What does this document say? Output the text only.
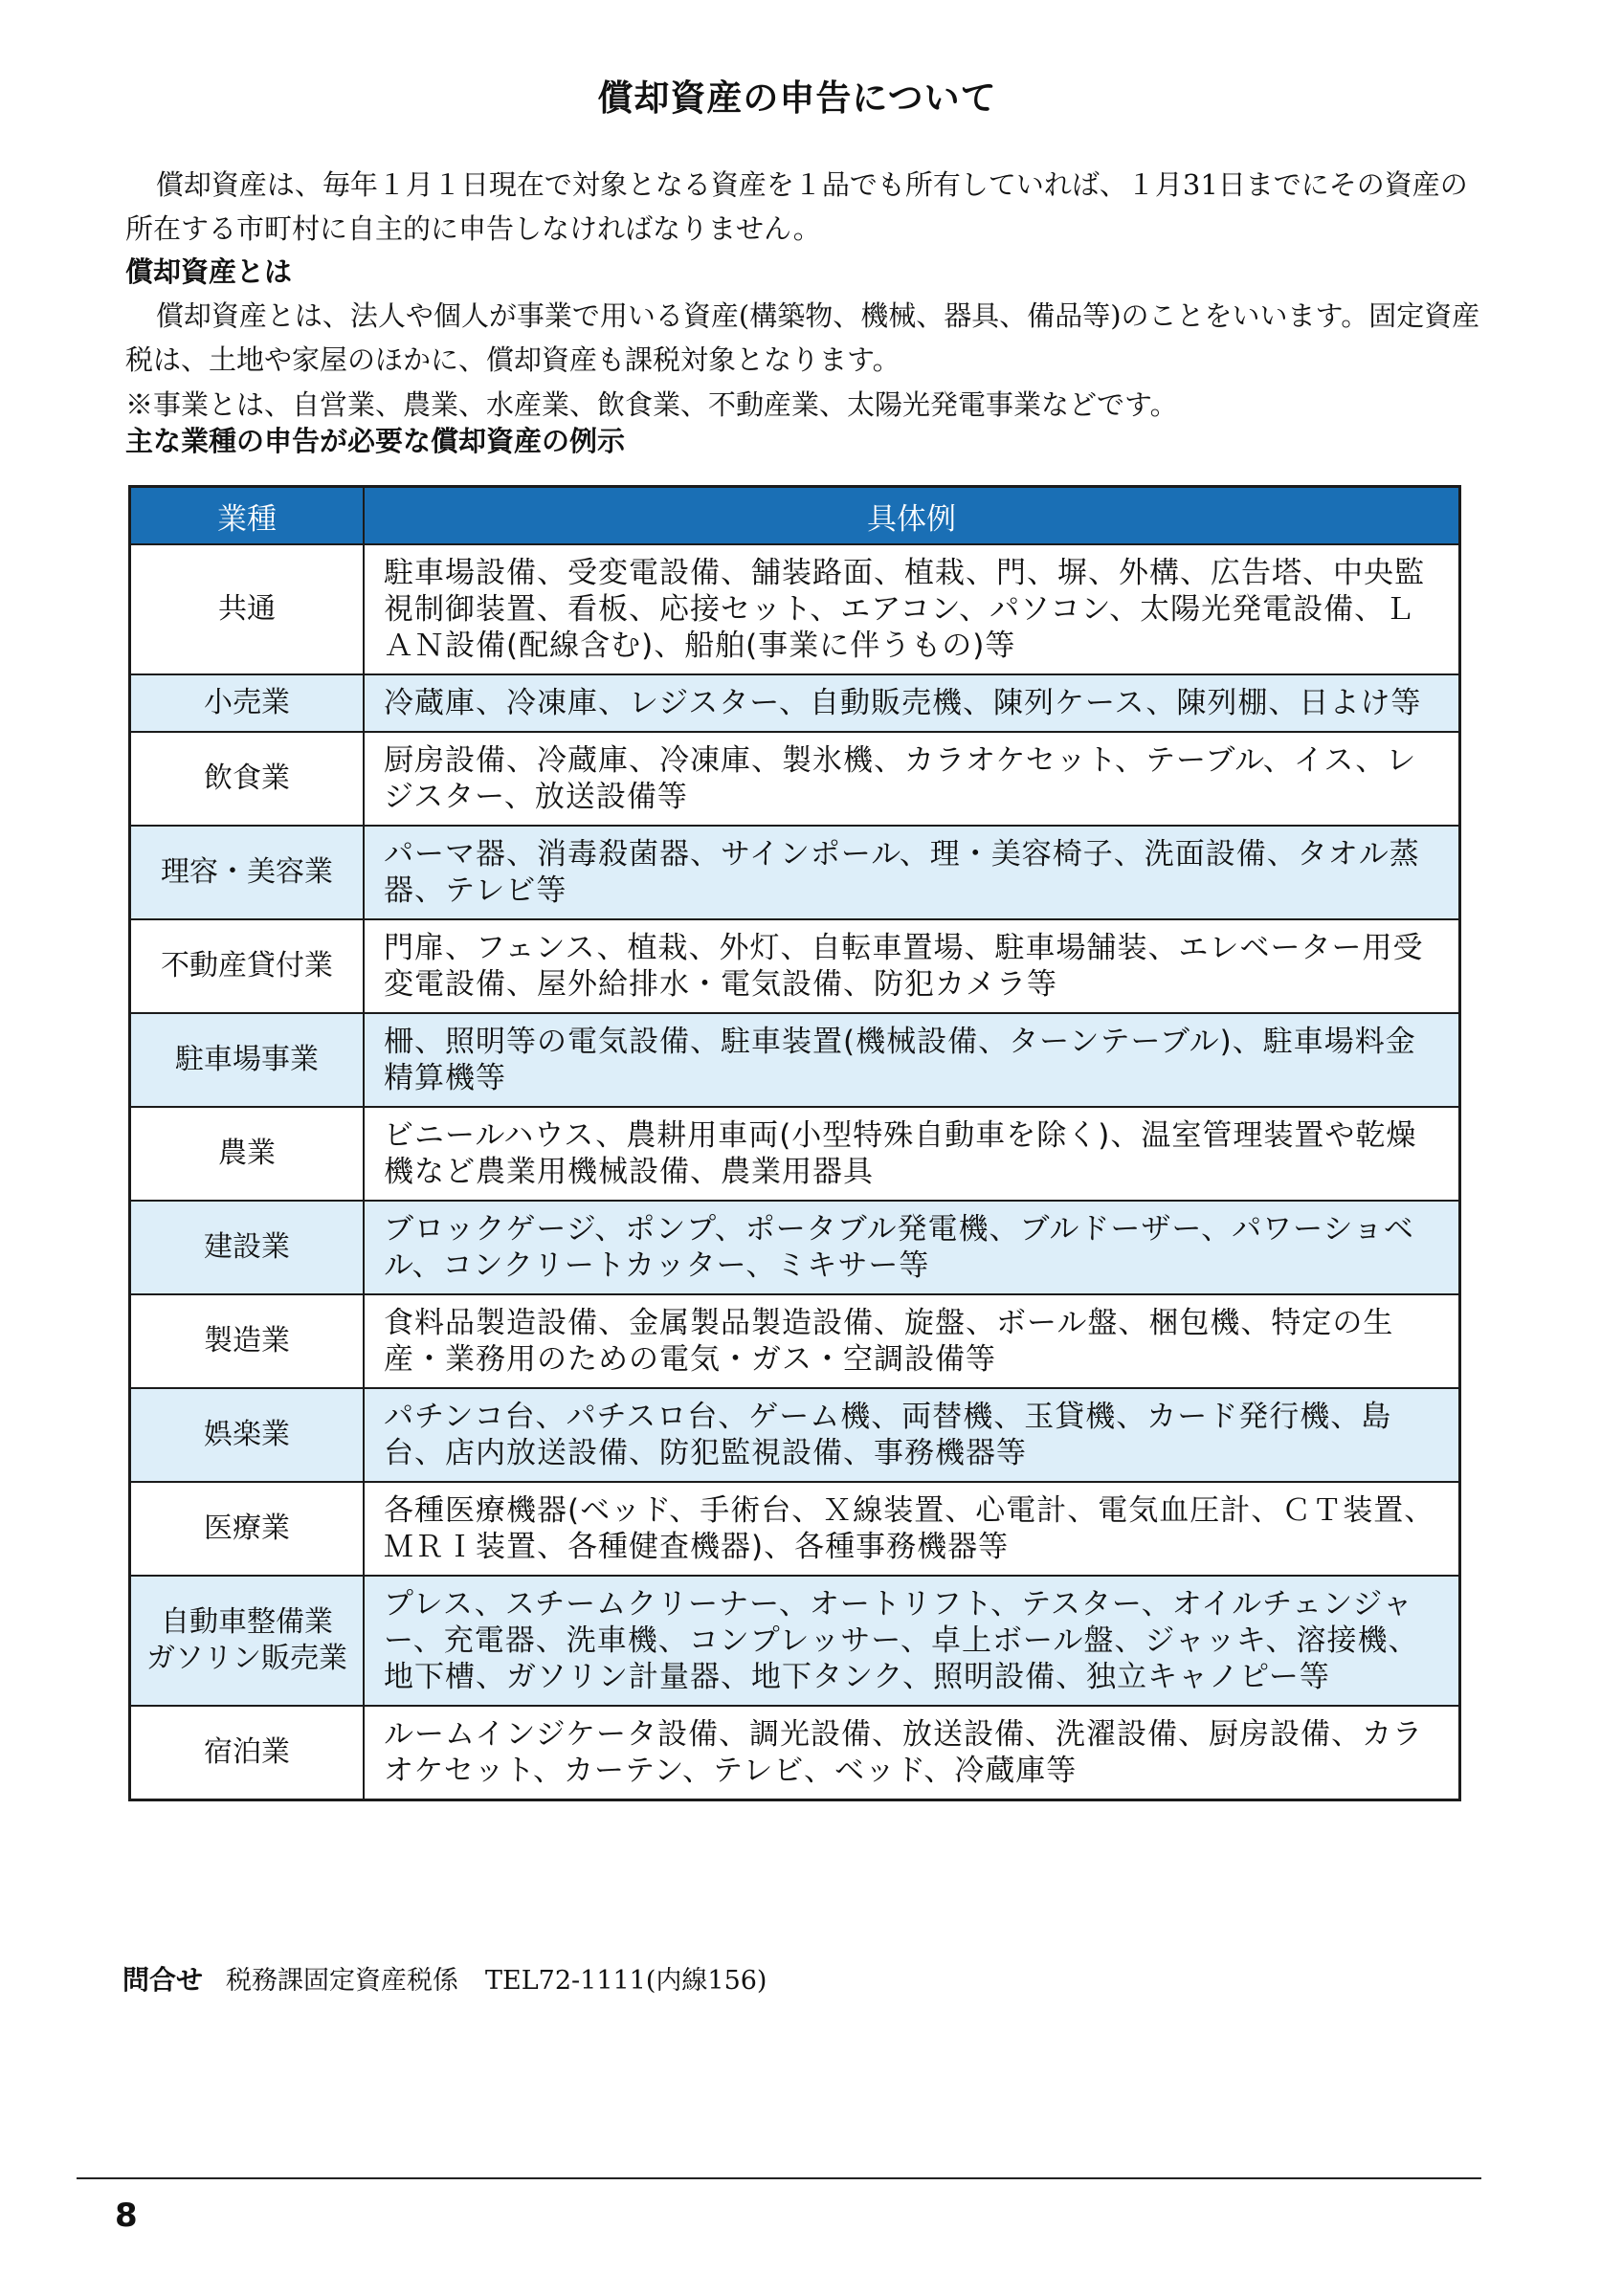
償却資産の申告について
償却資産は、毎年１月１日現在で対象となる資産を１品でも所有していれば、１月31日までにその資産の所在する市町村に自主的に申告しなければなりません。
償却資産とは
償却資産とは、法人や個人が事業で用いる資産(構築物、機械、器具、備品等)のことをいいます。固定資産税は、土地や家屋のほかに、償却資産も課税対象となります。
※事業とは、自営業、農業、水産業、飲食業、不動産業、太陽光発電事業などです。
主な業種の申告が必要な償却資産の例示
業種	具体例
共通	駐車場設備、受変電設備、舗装路面、植栽、門、塀、外構、広告塔、中央監視制御装置、看板、応接セット、エアコン、パソコン、太陽光発電設備、ＬＡＮ設備(配線含む)、船舶(事業に伴うもの)等
小売業	冷蔵庫、冷凍庫、レジスター、自動販売機、陳列ケース、陳列棚、日よけ等
飲食業	厨房設備、冷蔵庫、冷凍庫、製氷機、カラオケセット、テーブル、イス、レジスター、放送設備等
理容・美容業	パーマ器、消毒殺菌器、サインポール、理・美容椅子、洗面設備、タオル蒸器、テレビ等
不動産貸付業	門扉、フェンス、植栽、外灯、自転車置場、駐車場舗装、エレベーター用受変電設備、屋外給排水・電気設備、防犯カメラ等
駐車場事業	柵、照明等の電気設備、駐車装置(機械設備、ターンテーブル)、駐車場料金精算機等
農業	ビニールハウス、農耕用車両(小型特殊自動車を除く)、温室管理装置や乾燥機など農業用機械設備、農業用器具
建設業	ブロックゲージ、ポンプ、ポータブル発電機、ブルドーザー、パワーショベル、コンクリートカッター、ミキサー等
製造業	食料品製造設備、金属製品製造設備、旋盤、ボール盤、梱包機、特定の生産・業務用のための電気・ガス・空調設備等
娯楽業	パチンコ台、パチスロ台、ゲーム機、両替機、玉貸機、カード発行機、島台、店内放送設備、防犯監視設備、事務機器等
医療業	各種医療機器(ベッド、手術台、Ｘ線装置、心電計、電気血圧計、ＣＴ装置、ＭＲＩ装置、各種健査機器)、各種事務機器等
自動車整備業
ガソリン販売業	プレス、スチームクリーナー、オートリフト、テスター、オイルチェンジャー、充電器、洗車機、コンプレッサー、卓上ボール盤、ジャッキ、溶接機、地下槽、ガソリン計量器、地下タンク、照明設備、独立キャノピー等
宿泊業	ルームインジケータ設備、調光設備、放送設備、洗濯設備、厨房設備、カラオケセット、カーテン、テレビ、ベッド、冷蔵庫等
問合せ 税務課固定資産税係 TEL72-1111(内線156)
8
